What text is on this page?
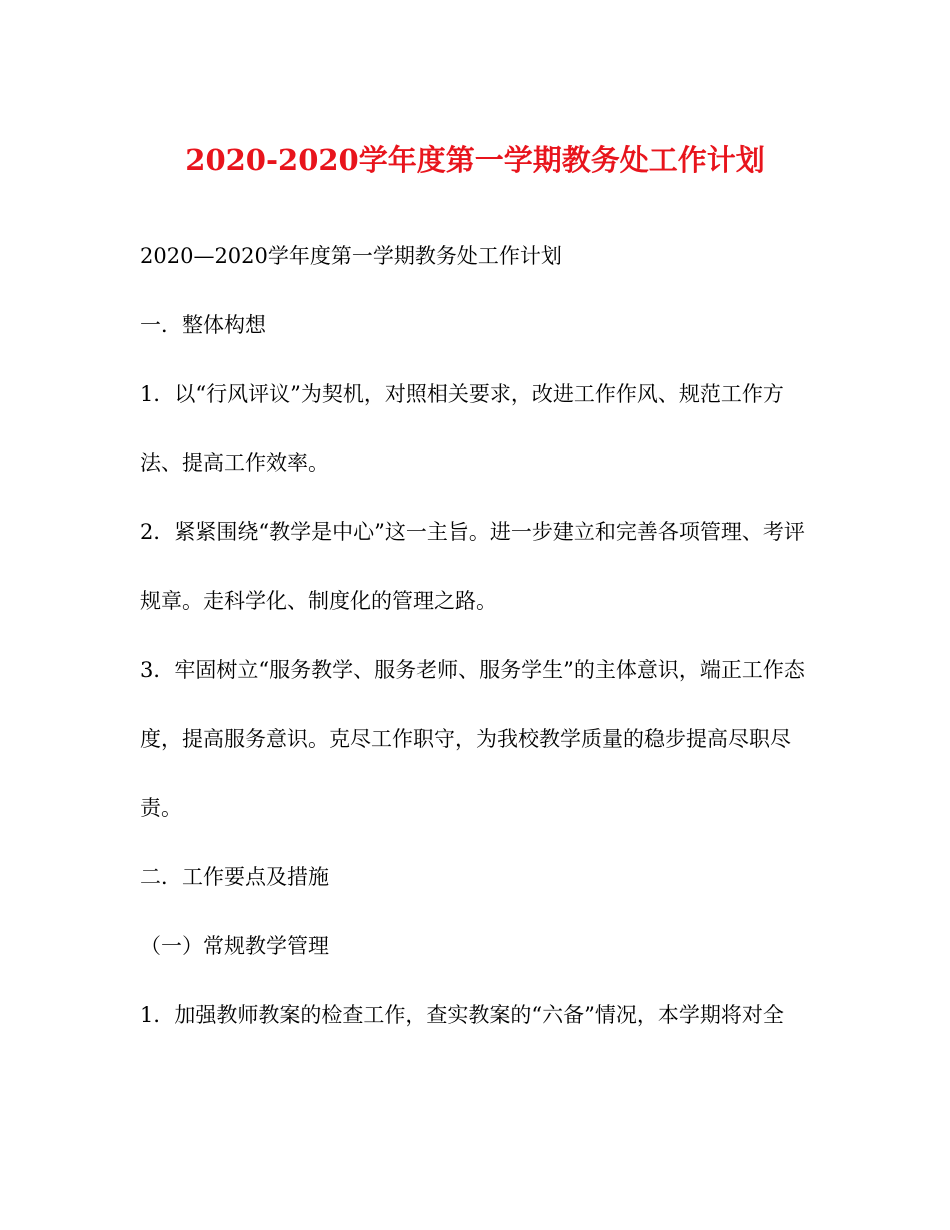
2020-2020学年度第一学期教务处工作计划

2020—2020学年度第一学期教务处工作计划

一．整体构想

1．以“行风评议”为契机，对照相关要求，改进工作作风、规范工作方法、提高工作效率。

2．紧紧围绕“教学是中心”这一主旨。进一步建立和完善各项管理、考评规章。走科学化、制度化的管理之路。

3．牢固树立“服务教学、服务老师、服务学生”的主体意识，端正工作态度，提高服务意识。克尽工作职守，为我校教学质量的稳步提高尽职尽责。

二．工作要点及措施

（一）常规教学管理

1．加强教师教案的检查工作，查实教案的“六备”情况，本学期将对全
